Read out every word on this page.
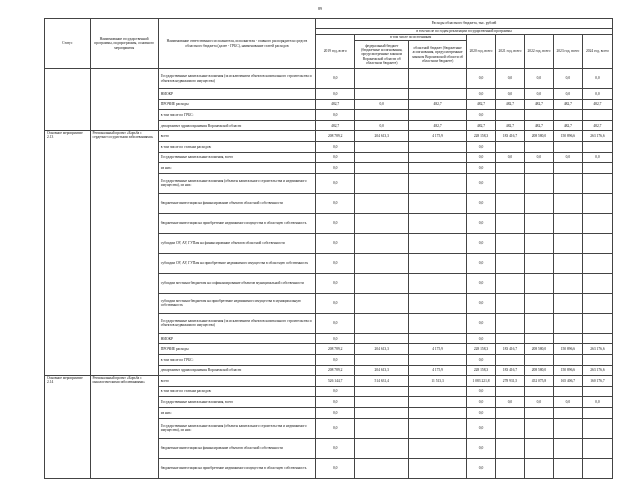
89
Статус	Наименование государственной программы, подпрограммы, основного мероприятия	Наименование ответственного исполнителя, исполнителя - главного распорядителя средств областного бюджета (далее - ГРБС), наименование статей расходов	Расходы областного бюджета, тыс. рублей							
			в том числе по годам реализации государственной программы							
			2019 год, всего	в том числе по источникам		2020 год, всего	2021 год, всего	2022 год, всего	2023 год, всего	2024 год, всего
				федеральный бюджет (бюджетные ассигнования, предусмотренные законом Воронежской области об областном бюджете)	областной бюджет (бюджетные ассигнования, предусмотренные законом Воронежской области об областном бюджете)					
		Государственные капитальные вложения (за исключением объектов капитального строительства и объектов недвижимого имущества)	0,0			0,0	0,0	0,0	0,0	0,0
		НИОКР	0,0			0,0	0,0	0,0	0,0	0,0
		ПРОЧИЕ расходы	482,7	0,0	482,7	482,7	482,7	482,7	482,7	482,7
		в том числе по ГРБС:	0,0			0,0				
		департамент здравоохранения Воронежской области	482,7	0,0	482,7	482,7	482,7	482,7	482,7	482,7
Основное мероприятие 2.13	Региональный проект «Борьба с сердечно-сосудистыми заболеваниями»	всего	208 789,2	204 613,3	4 175,9	228 158,3	183 416,7	208 580,0	150 896,6	263 176,6
		в том числе по статьям расходов:	0,0			0,0				
		Государственные капитальные вложения, всего	0,0			0,0	0,0	0,0	0,0	0,0
		из них:	0,0			0,0				
		Государственные капитальные вложения (объекты капитального строительства и недвижимого имущества), из них:	0,0			0,0				
		бюджетные инвестиции на финансирование объектов областной собственности	0,0			0,0				
		бюджетные инвестиции на приобретение недвижимого имущества в областную собственность	0,0			0,0				
		субсидии ОУ, АУ, ГУПам на финансирование объектов областной собственности	0,0			0,0				
		субсидии ОУ, АУ, ГУПам на приобретение недвижимого имущества в областную собственность	0,0			0,0				
		субсидии местным бюджетам на софинансирование объектов муниципальной собственности	0,0			0,0				
		субсидии местным бюджетам на приобретение недвижимого имущества в муниципальную собственность	0,0			0,0				
		Государственные капитальные вложения (за исключением объектов капитального строительства и объектов недвижимого имущества)	0,0			0,0				
		НИОКР	0,0			0,0				
		ПРОЧИЕ расходы	208 789,2	204 613,3	4 175,9	228 158,3	183 416,7	208 580,0	150 896,6	263 176,6
		в том числе по ГРБС:	0,0			0,0				
		департамент здравоохранения Воронежской области	208 789,2	204 613,3	4 175,9	228 158,3	183 416,7	208 580,0	150 896,6	263 176,6
Основное мероприятие 2.14	Региональный проект «Борьба с онкологическими заболеваниями»	всего	526 144,7	514 631,4	11 513,3	1 083 221,8	278 931,5	452 075,8	165 406,7	160 176,7
		в том числе по статьям расходов:	0,0			0,0				
		Государственные капитальные вложения, всего	0,0			0,0	0,0	0,0	0,0	0,0
		из них:	0,0			0,0				
		Государственные капитальные вложения (объекты капитального строительства и недвижимого имущества), из них:	0,0			0,0				
		бюджетные инвестиции на финансирование объектов областной собственности	0,0			0,0				
		бюджетные инвестиции на приобретение недвижимого имущества в областную собственность	0,0			0,0				
